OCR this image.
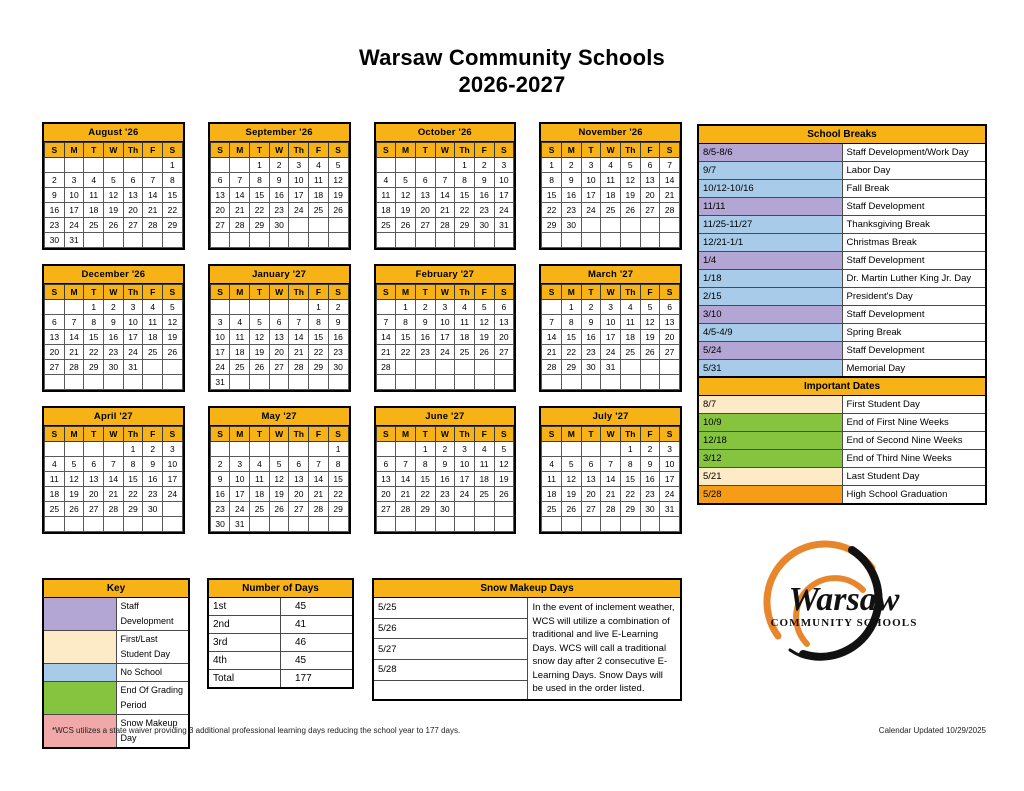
Warsaw Community Schools
2026-2027
August '26
S	M	T	W	Th	F	S
						1
2	3	4	5	6	7	8
9	10	11	12	13	14	15
16	17	18	19	20	21	22
23	24	25	26	27	28	29
30	31					
September '26
S	M	T	W	Th	F	S
		1	2	3	4	5
6	7	8	9	10	11	12
13	14	15	16	17	18	19
20	21	22	23	24	25	26
27	28	29	30			

October '26
S	M	T	W	Th	F	S
				1	2	3
4	5	6	7	8	9	10
11	12	13	14	15	16	17
18	19	20	21	22	23	24
25	26	27	28	29	30	31

November '26
S	M	T	W	Th	F	S
1	2	3	4	5	6	7
8	9	10	11	12	13	14
15	16	17	18	19	20	21
22	23	24	25	26	27	28
29	30					

December '26
S	M	T	W	Th	F	S
		1	2	3	4	5
6	7	8	9	10	11	12
13	14	15	16	17	18	19
20	21	22	23	24	25	26
27	28	29	30	31		

January '27
S	M	T	W	Th	F	S
					1	2
3	4	5	6	7	8	9
10	11	12	13	14	15	16
17	18	19	20	21	22	23
24	25	26	27	28	29	30
31						
February '27
S	M	T	W	Th	F	S
	1	2	3	4	5	6
7	8	9	10	11	12	13
14	15	16	17	18	19	20
21	22	23	24	25	26	27
28						

March '27
S	M	T	W	Th	F	S
	1	2	3	4	5	6
7	8	9	10	11	12	13
14	15	16	17	18	19	20
21	22	23	24	25	26	27
28	29	30	31			

April '27
S	M	T	W	Th	F	S
				1	2	3
4	5	6	7	8	9	10
11	12	13	14	15	16	17
18	19	20	21	22	23	24
25	26	27	28	29	30	

May '27
S	M	T	W	Th	F	S
						1
2	3	4	5	6	7	8
9	10	11	12	13	14	15
16	17	18	19	20	21	22
23	24	25	26	27	28	29
30	31					
June '27
S	M	T	W	Th	F	S
		1	2	3	4	5
6	7	8	9	10	11	12
13	14	15	16	17	18	19
20	21	22	23	24	25	26
27	28	29	30			

July '27
S	M	T	W	Th	F	S
				1	2	3
4	5	6	7	8	9	10
11	12	13	14	15	16	17
18	19	20	21	22	23	24
25	26	27	28	29	30	31

School Breaks	
8/5-8/6	Staff Development/Work Day
9/7	Labor Day
10/12-10/16	Fall Break
11/11	Staff Development
11/25-11/27	Thanksgiving Break
12/21-1/1	Christmas Break
1/4	Staff Development
1/18	Dr. Martin Luther King Jr. Day
2/15	President's Day
3/10	Staff Development
4/5-4/9	Spring Break
5/24	Staff Development
5/31	Memorial Day
Important Dates	
8/7	First Student Day
10/9	End of First Nine Weeks
12/18	End of Second Nine Weeks
3/12	End of Third Nine Weeks
5/21	Last Student Day
5/28	High School Graduation
Key	
	Staff Development
	First/Last Student Day
	No School
	End Of Grading Period
	Snow Makeup Day
Number of Days	
1st	45
2nd	41
3rd	46
4th	45
Total	177
Snow Makeup Days
5/25	In the event of inclement weather, WCS will utilize a combination of traditional and live E-Learning Days. WCS will call a traditional snow day after 2 consecutive E-Learning Days. Snow Days will be used in the order listed.
5/26
5/27
5/28

Warsaw
COMMUNITY SCHOOLS
*WCS utilizes a state waiver providing 3 additional professional learning days reducing the school year to 177 days.	Calendar Updated 10/29/2025
